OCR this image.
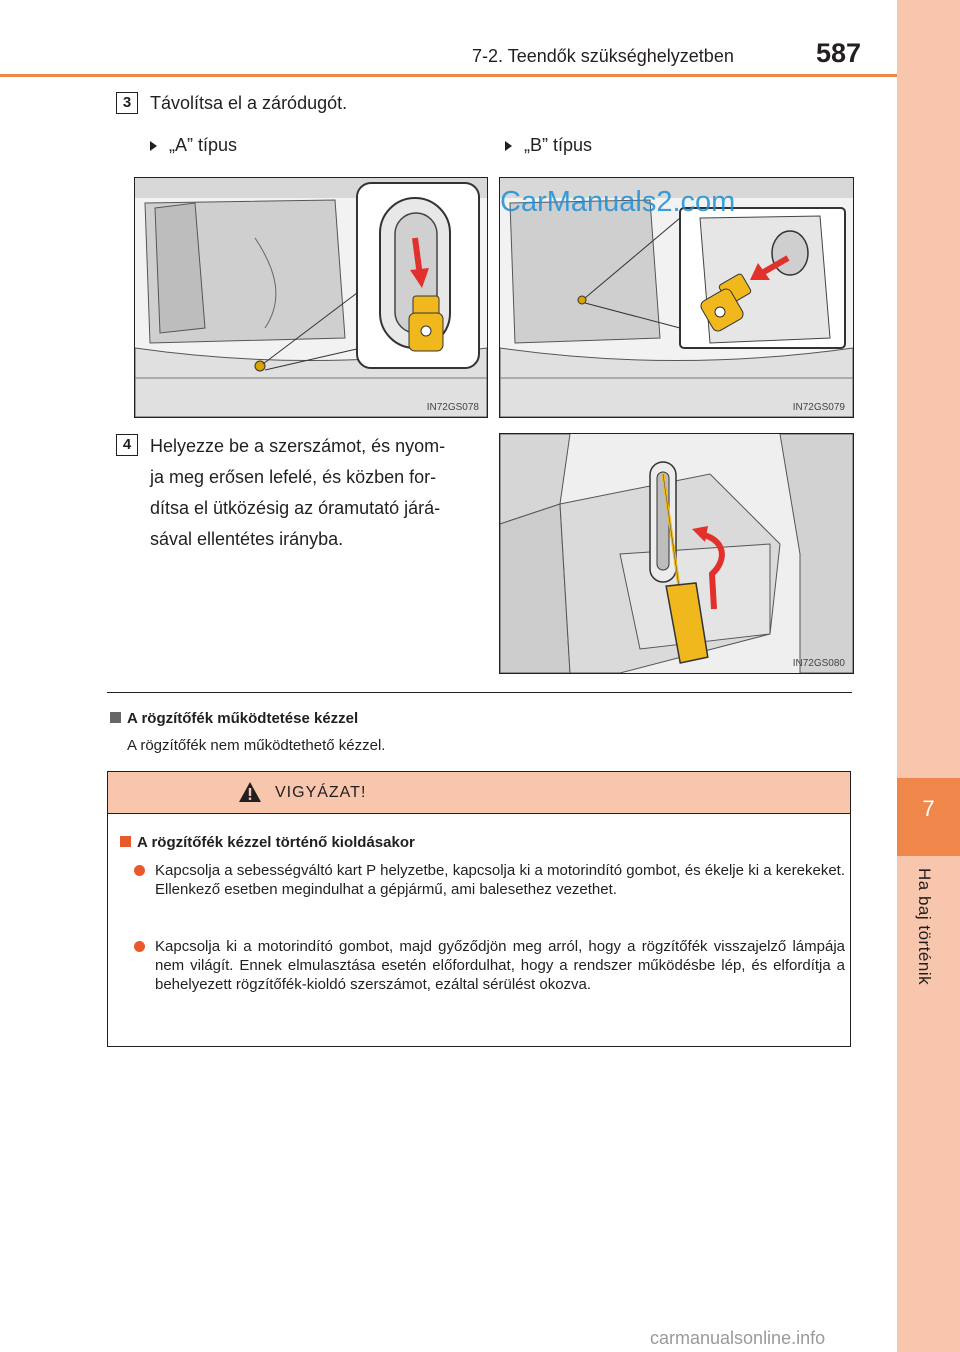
7-2. Teendők szükséghelyzetben	587
7
Ha baj történik
3	Távolítsa el a záródugót.
„A” típus	„B” típus
IN72GS078	IN72GS079
CarManuals2.com
4	Helyezze be a szerszámot, és nyom-
ja meg erősen lefelé, és közben for-
dítsa el ütközésig az óramutató járá-
sával ellentétes irányba.
IN72GS080
A rögzítőfék működtetése kézzel
A rögzítőfék nem működtethető kézzel.
VIGYÁZAT!
A rögzítőfék kézzel történő kioldásakor
Kapcsolja a sebességváltó kart P helyzetbe, kapcsolja ki a motorindító gombot, és ékelje ki a kerekeket. Ellenkező esetben megindulhat a gépjármű, ami balesethez vezethet.
Kapcsolja ki a motorindító gombot, majd győződjön meg arról, hogy a rögzítőfék visszajelző lámpája nem világít. Ennek elmulasztása esetén előfordulhat, hogy a rendszer működésbe lép, és elfordítja a behelyezett rögzítőfék-kioldó szerszámot, ezáltal sérülést okozva.
carmanualsonline.info
